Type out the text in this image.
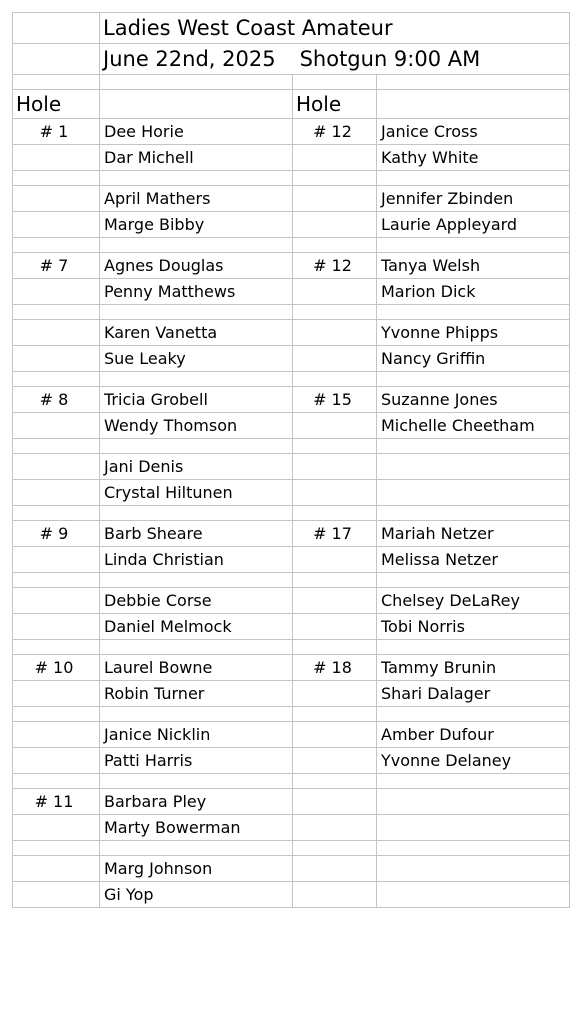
	Ladies West Coast Amateur		
	June 22nd, 2025 Shotgun 9:00 AM		

Hole		Hole	
# 1	Dee Horie	# 12	Janice Cross
	Dar Michell		Kathy White

	April Mathers		Jennifer Zbinden
	Marge Bibby		Laurie Appleyard

# 7	Agnes Douglas	# 12	Tanya Welsh
	Penny Matthews		Marion Dick

	Karen Vanetta		Yvonne Phipps
	Sue Leaky		Nancy Griffin

# 8	Tricia Grobell	# 15	Suzanne Jones
	Wendy Thomson		Michelle Cheetham

	Jani Denis		
	Crystal Hiltunen		

# 9	Barb Sheare	# 17	Mariah Netzer
	Linda Christian		Melissa Netzer

	Debbie Corse		Chelsey DeLaRey
	Daniel Melmock		Tobi Norris

# 10	Laurel Bowne	# 18	Tammy Brunin
	Robin Turner		Shari Dalager

	Janice Nicklin		Amber Dufour
	Patti Harris		Yvonne Delaney

# 11	Barbara Pley		
	Marty Bowerman		

	Marg Johnson		
	Gi Yop		
